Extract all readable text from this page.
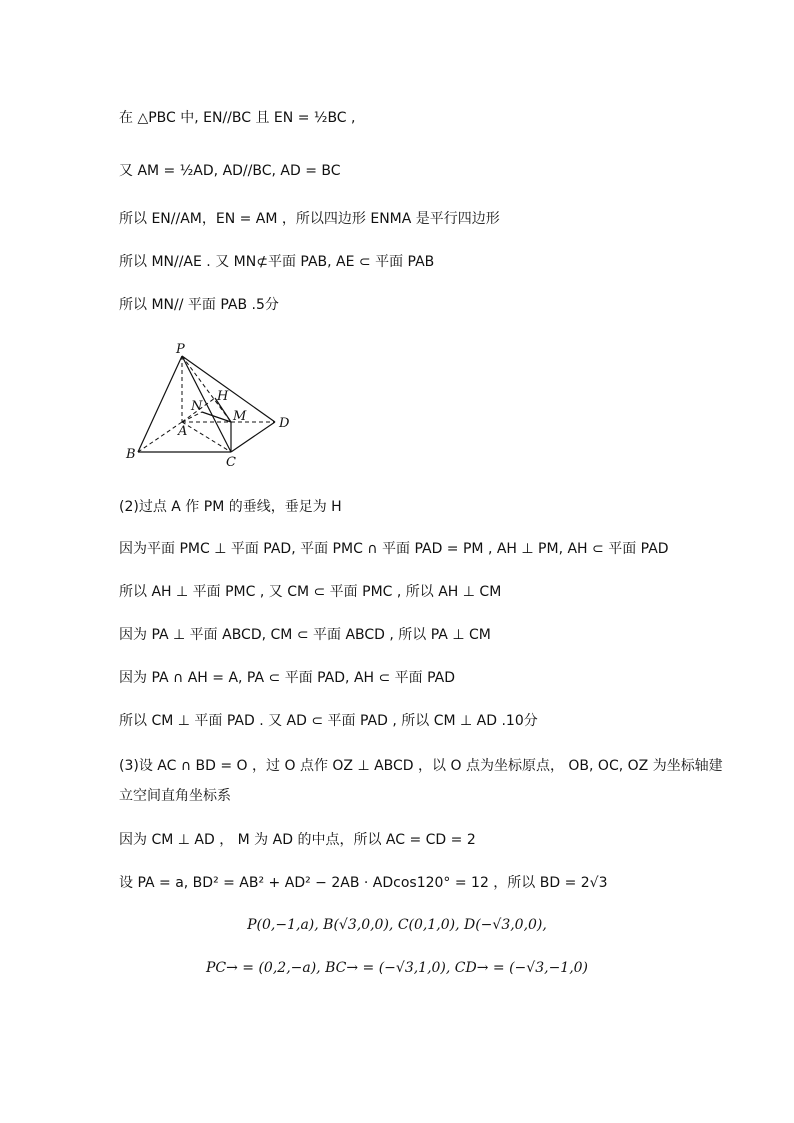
在 △PBC 中, EN//BC 且 EN = ½BC ,
又 AM = ½AD, AD//BC, AD = BC
所以 EN//AM，EN = AM ，所以四边形 ENMA 是平行四边形
所以 MN//AE . 又 MN⊄平面 PAB, AE ⊂ 平面 PAB
所以 MN// 平面 PAB .5分
P
H
N
M
A
D
B
C
(2)过点 A 作 PM 的垂线，垂足为 H
因为平面 PMC ⊥ 平面 PAD, 平面 PMC ∩ 平面 PAD = PM , AH ⊥ PM, AH ⊂ 平面 PAD
所以 AH ⊥ 平面 PMC , 又 CM ⊂ 平面 PMC , 所以 AH ⊥ CM
因为 PA ⊥ 平面 ABCD, CM ⊂ 平面 ABCD , 所以 PA ⊥ CM
因为 PA ∩ AH = A, PA ⊂ 平面 PAD, AH ⊂ 平面 PAD
所以 CM ⊥ 平面 PAD . 又 AD ⊂ 平面 PAD , 所以 CM ⊥ AD .10分
(3)设 AC ∩ BD = O ，过 O 点作 OZ ⊥ ABCD ，以 O 点为坐标原点， OB, OC, OZ 为坐标轴建
立空间直角坐标系
因为 CM ⊥ AD ， M 为 AD 的中点，所以 AC = CD = 2
设 PA = a, BD² = AB² + AD² − 2AB · ADcos120° = 12 ，所以 BD = 2√3
P(0,−1,a), B(√3,0,0), C(0,1,0), D(−√3,0,0),
PC→ = (0,2,−a), BC→ = (−√3,1,0), CD→ = (−√3,−1,0)
